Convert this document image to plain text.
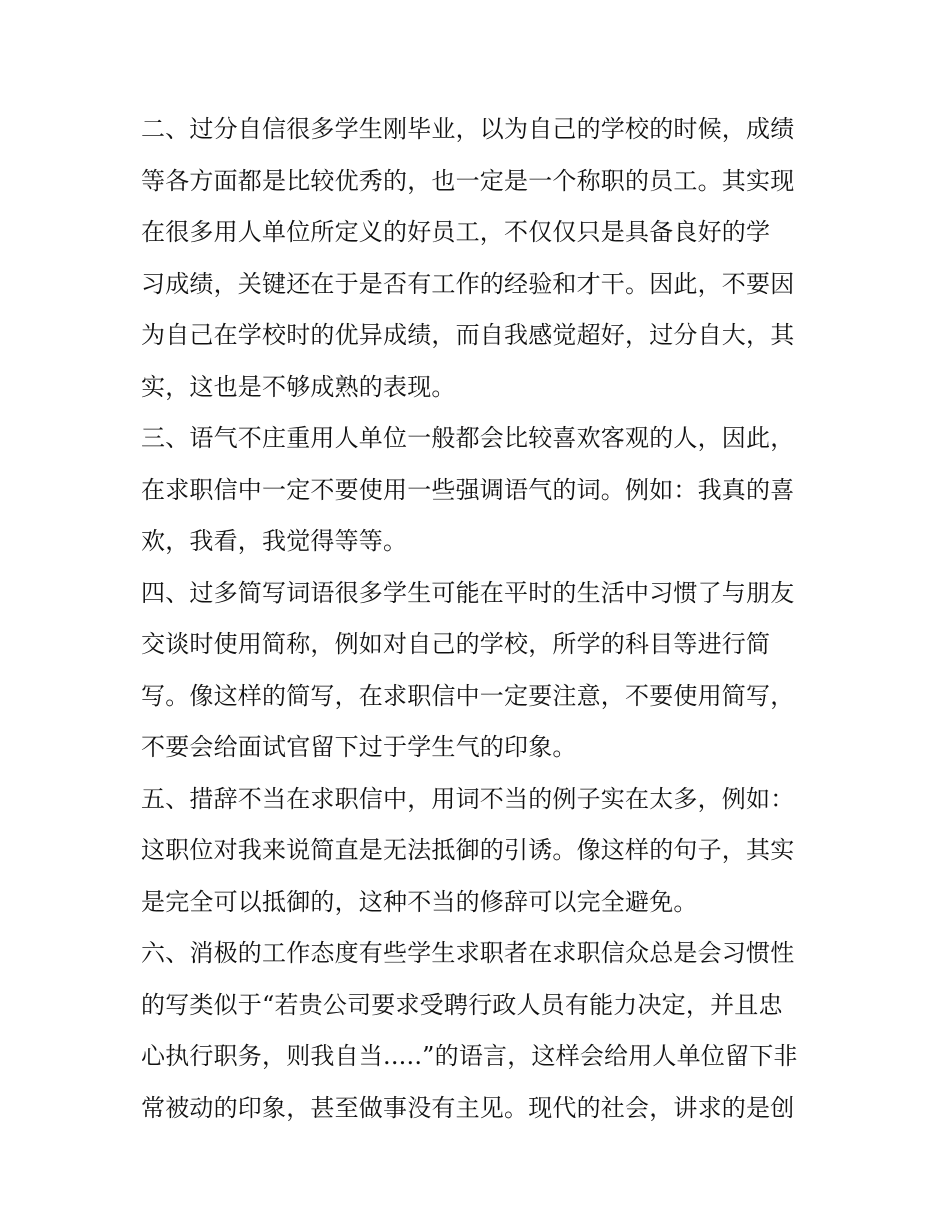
二、过分自信很多学生刚毕业，以为自己的学校的时候，成绩
等各方面都是比较优秀的，也一定是一个称职的员工。其实现
在很多用人单位所定义的好员工，不仅仅只是具备良好的学
习成绩，关键还在于是否有工作的经验和才干。因此，不要因
为自己在学校时的优异成绩，而自我感觉超好，过分自大，其
实，这也是不够成熟的表现。
三、语气不庄重用人单位一般都会比较喜欢客观的人，因此，
在求职信中一定不要使用一些强调语气的词。例如：我真的喜
欢，我看，我觉得等等。
四、过多简写词语很多学生可能在平时的生活中习惯了与朋友
交谈时使用简称，例如对自己的学校，所学的科目等进行简
写。像这样的简写，在求职信中一定要注意，不要使用简写，
不要会给面试官留下过于学生气的印象。
五、措辞不当在求职信中，用词不当的例子实在太多，例如：
这职位对我来说简直是无法抵御的引诱。像这样的句子，其实
是完全可以抵御的，这种不当的修辞可以完全避免。
六、消极的工作态度有些学生求职者在求职信众总是会习惯性
的写类似于“若贵公司要求受聘行政人员有能力决定，并且忠
心执行职务，则我自当.....”的语言，这样会给用人单位留下非
常被动的印象，甚至做事没有主见。现代的社会，讲求的是创
